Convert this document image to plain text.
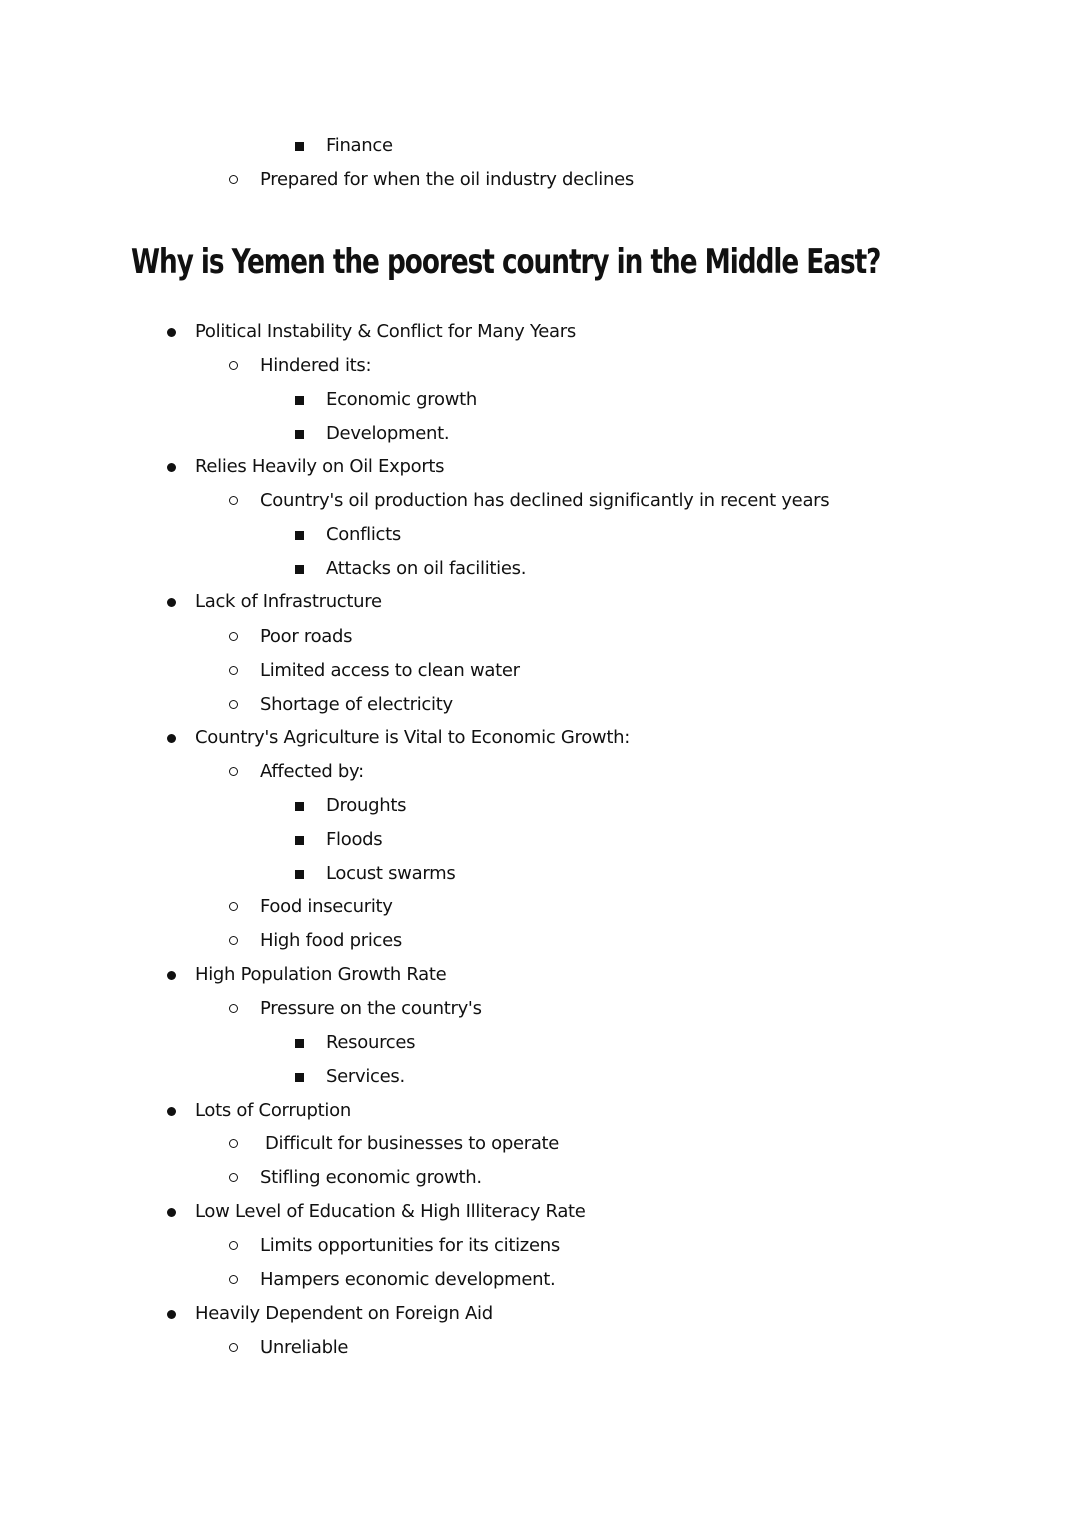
Finance
Prepared for when the oil industry declines
Why is Yemen the poorest country in the Middle East?
Political Instability & Conflict for Many Years
Hindered its:
Economic growth
Development.
Relies Heavily on Oil Exports
Country's oil production has declined significantly in recent years
Conflicts
Attacks on oil facilities.
Lack of Infrastructure
Poor roads
Limited access to clean water
Shortage of electricity
Country's Agriculture is Vital to Economic Growth:
Affected by:
Droughts
Floods
Locust swarms
Food insecurity
High food prices
High Population Growth Rate
Pressure on the country's
Resources
Services.
Lots of Corruption
Difficult for businesses to operate
Stifling economic growth.
Low Level of Education & High Illiteracy Rate
Limits opportunities for its citizens
Hampers economic development.
Heavily Dependent on Foreign Aid
Unreliable
